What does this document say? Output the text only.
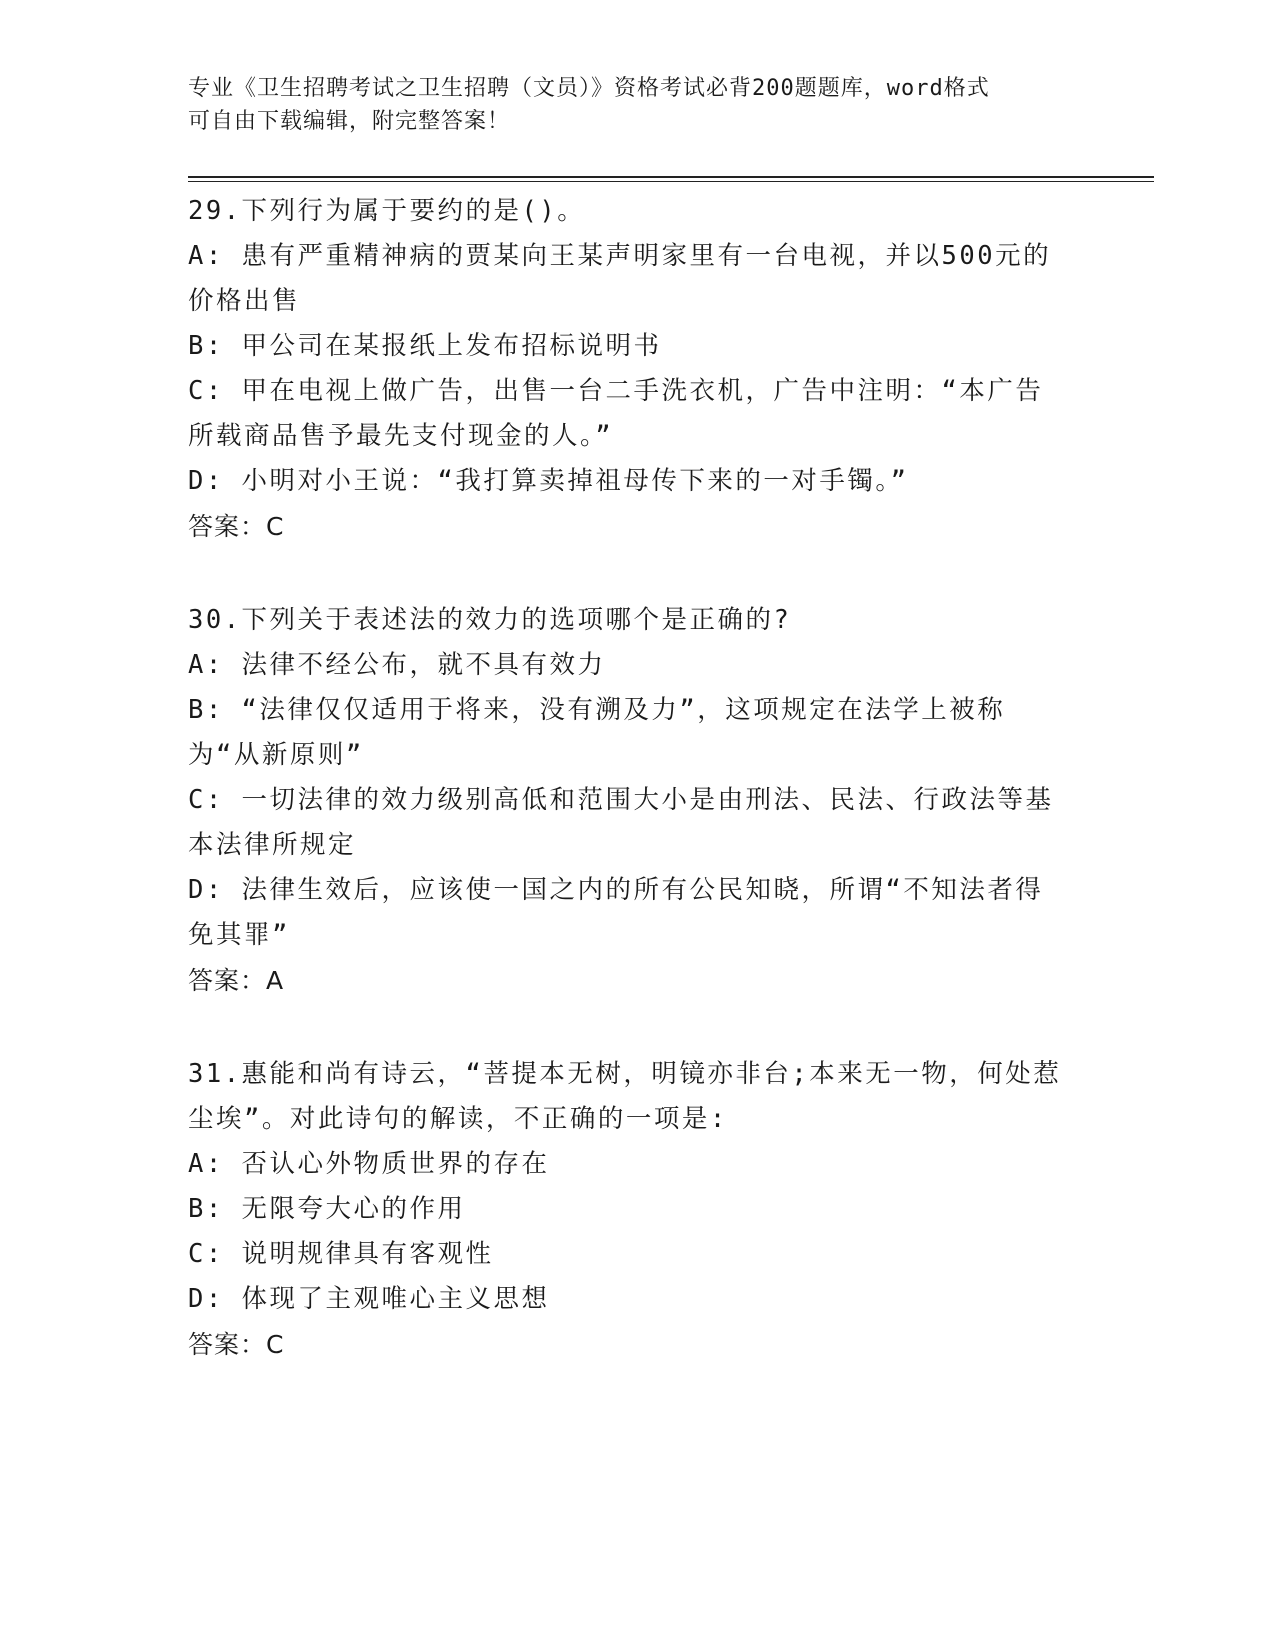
专业《卫生招聘考试之卫生招聘（文员）》资格考试必背200题题库，word格式
可自由下载编辑，附完整答案！
29.下列行为属于要约的是()。
A: 患有严重精神病的贾某向王某声明家里有一台电视，并以500元的价格出售
B: 甲公司在某报纸上发布招标说明书
C: 甲在电视上做广告，出售一台二手洗衣机，广告中注明：“本广告所载商品售予最先支付现金的人。”
D: 小明对小王说：“我打算卖掉祖母传下来的一对手镯。”
答案：C
30.下列关于表述法的效力的选项哪个是正确的?
A: 法律不经公布，就不具有效力
B: “法律仅仅适用于将来，没有溯及力”，这项规定在法学上被称为“从新原则”
C: 一切法律的效力级别高低和范围大小是由刑法、民法、行政法等基本法律所规定
D: 法律生效后，应该使一国之内的所有公民知晓，所谓“不知法者得免其罪”
答案：A
31.惠能和尚有诗云，“菩提本无树，明镜亦非台;本来无一物，何处惹尘埃”。对此诗句的解读，不正确的一项是:
A: 否认心外物质世界的存在
B: 无限夸大心的作用
C: 说明规律具有客观性
D: 体现了主观唯心主义思想
答案：C
